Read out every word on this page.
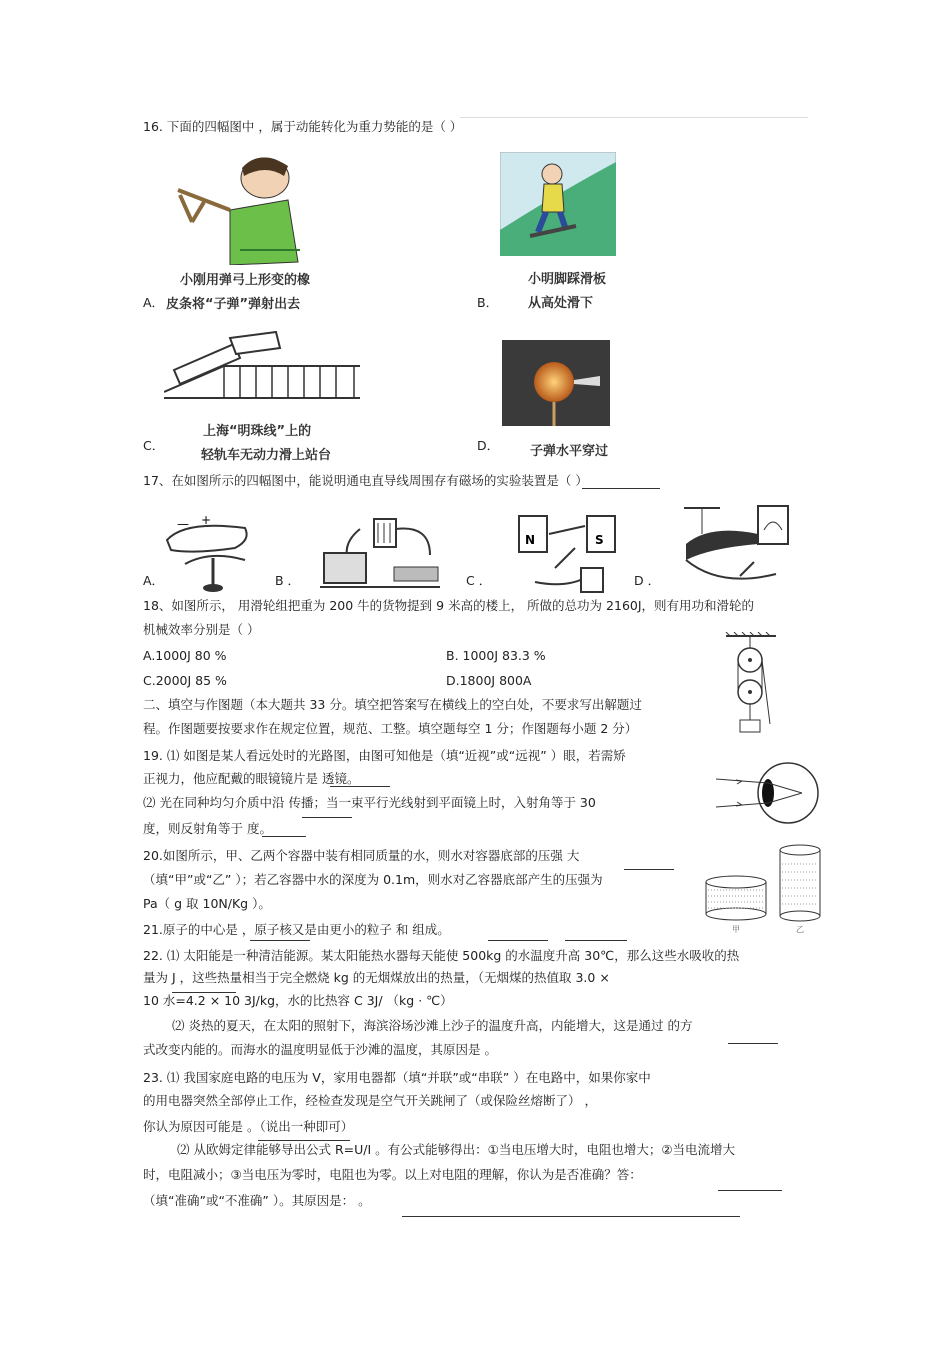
16. 下面的四幅图中 ，属于动能转化为重力势能的是（ ）
小刚用弹弓上形变的橡
A． 皮条将“子弹”弹射出去
小明脚踩滑板
B． 从高处滑下
上海“明珠线”上的
C．
轻轨车无动力滑上站台
D． 子弹水平穿过
17、在如图所示的四幅图中，能说明通电直导线周围存有磁场的实验装置是（ ）
— +
A．	B ．
N	S
C ．	D ．
18、如图所示， 用滑轮组把重为 200 牛的货物提到 9 米高的楼上， 所做的总功为 2160J，则有用功和滑轮的
机械效率分别是（ ）
A.1000J 80 %	B. 1000J 83.3 %
C.2000J 85 %	D.1800J 800A
二、填空与作图题（本大题共 33 分。填空把答案写在横线上的空白处，不要求写出解题过
程。作图题要按要求作在规定位置，规范、工整。填空题每空 1 分；作图题每小题 2 分）
19. ⑴ 如图是某人看远处时的光路图，由图可知他是（填“近视”或“远视” ）眼，若需矫
正视力，他应配戴的眼镜镜片是 透镜。
⑵ 光在同种均匀介质中沿 传播；当一束平行光线射到平面镜上时，入射角等于 30
度，则反射角等于 度。
20.如图所示，甲、乙两个容器中装有相同质量的水，则水对容器底部的压强 大
（填“甲”或“乙” ）；若乙容器中水的深度为 0.1m，则水对乙容器底部产生的压强为
Pa（ g 取 10N/Kg ）。
甲	乙
21.原子的中心是 ，原子核又是由更小的粒子 和 组成。
22. ⑴ 太阳能是一种清洁能源。某太阳能热水器每天能使 500kg 的水温度升高 30℃，那么这些水吸收的热
量为 J ，这些热量相当于完全燃烧 kg 的无烟煤放出的热量，（无烟煤的热值取 3.0 ×
10 水=4.2 × 10 3J/kg，水的比热容 C 3J/ （kg · ℃）
⑵ 炎热的夏天，在太阳的照射下，海滨浴场沙滩上沙子的温度升高，内能增大，这是通过 的方
式改变内能的。而海水的温度明显低于沙滩的温度，其原因是 。
23. ⑴ 我国家庭电路的电压为 V，家用电器都（填“并联”或“串联” ）在电路中，如果你家中
的用电器突然全部停止工作，经检查发现是空气开关跳闸了（或保险丝熔断了） ，
你认为原因可能是 。（说出一种即可）
⑵ 从欧姆定律能够导出公式 R=U/I 。有公式能够得出：①当电压增大时，电阻也增大；②当电流增大
时，电阻减小；③当电压为零时，电阻也为零。以上对电阻的理解，你认为是否准确？答：
（填“准确”或“不准确” ）。其原因是： 。
